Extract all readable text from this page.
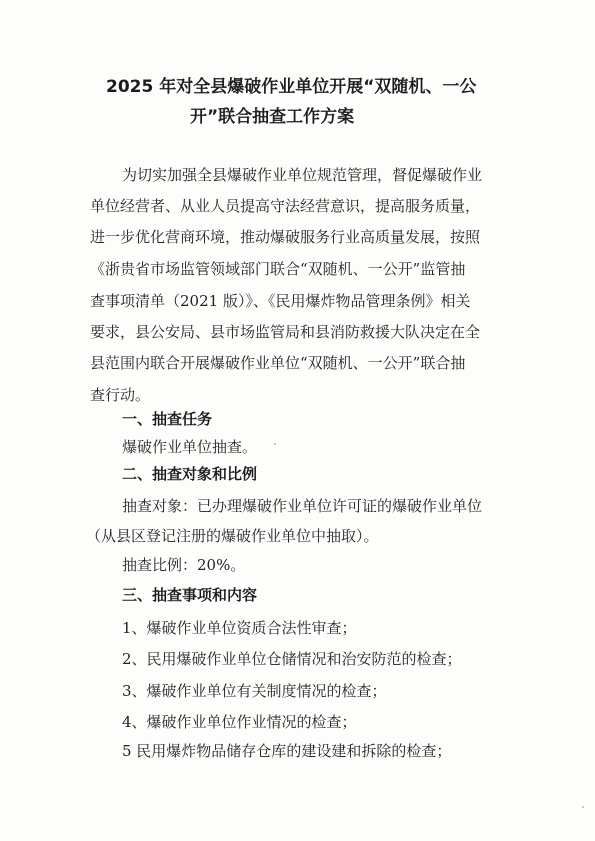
2025 年对全县爆破作业单位开展“双随机、一公
开”联合抽查工作方案

为切实加强全县爆破作业单位规范管理，督促爆破作业

单位经营者、从业人员提高守法经营意识，提高服务质量，

进一步优化营商环境，推动爆破服务行业高质量发展，按照

《浙贵省市场监管领域部门联合“双随机、一公开”监管抽

查事项清单（2021 版）》、《民用爆炸物品管理条例》相关

要求，县公安局、县市场监管局和县消防救援大队决定在全

县范围内联合开展爆破作业单位“双随机、一公开”联合抽

查行动。

一、抽查任务

爆破作业单位抽查。

二、抽查对象和比例

抽查对象：已办理爆破作业单位许可证的爆破作业单位

（从县区登记注册的爆破作业单位中抽取）。

抽查比例：20%。

三、抽查事项和内容

1、爆破作业单位资质合法性审查；

2、民用爆破作业单位仓储情况和治安防范的检查；

3、爆破作业单位有关制度情况的检查；

4、爆破作业单位作业情况的检查；

5 民用爆炸物品储存仓库的建设建和拆除的检查；
